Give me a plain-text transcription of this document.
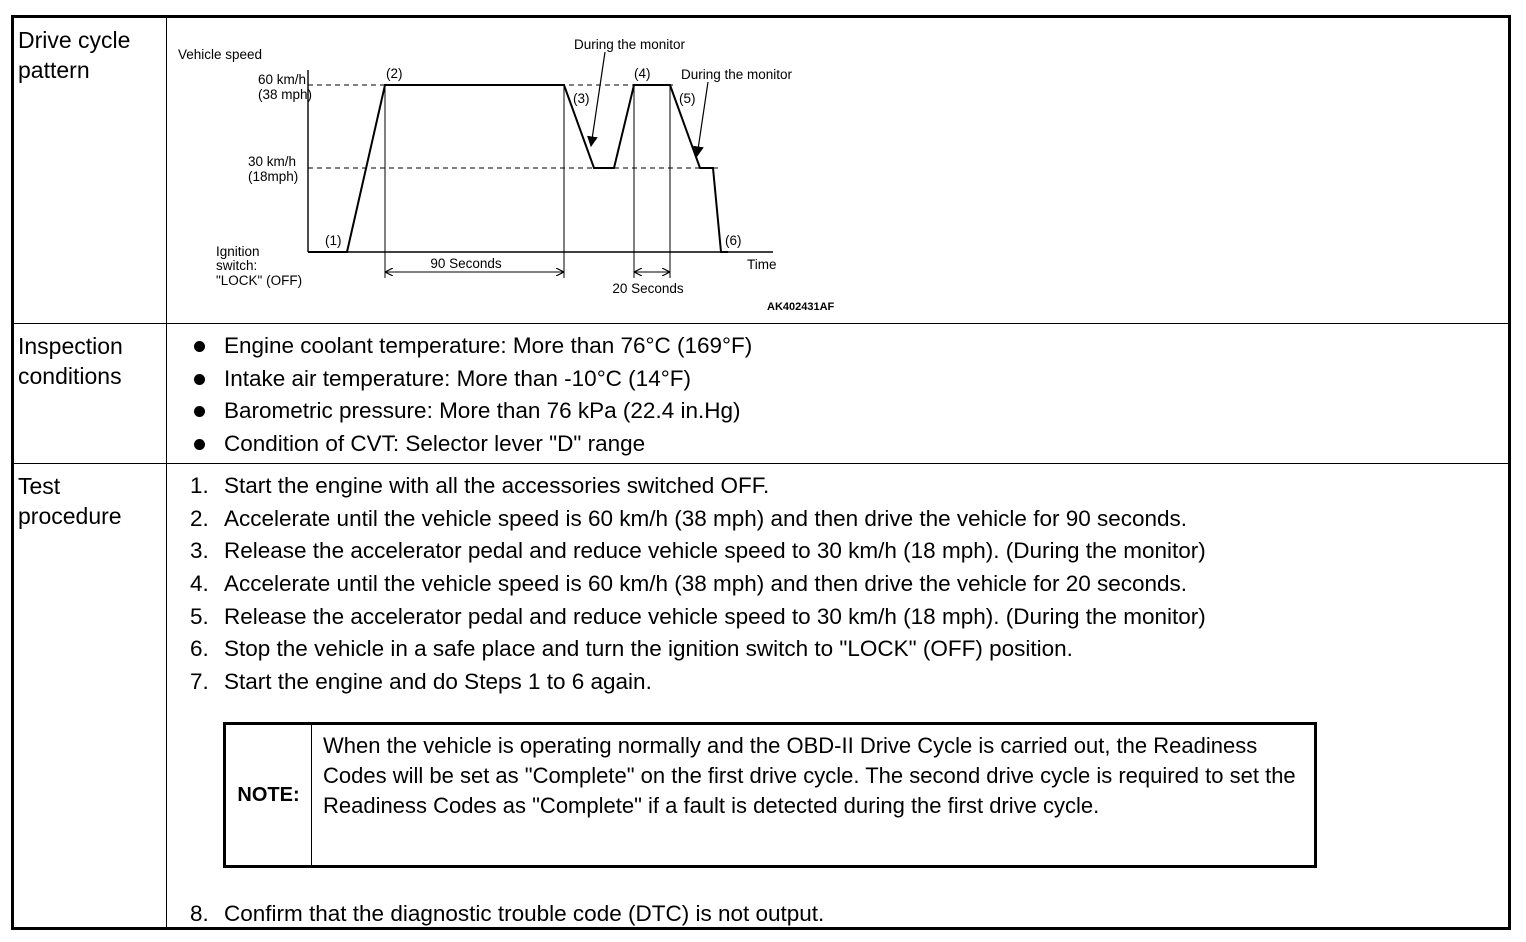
Drive cycle pattern
Vehicle speed
60 km/h
(38 mph)
30 km/h
(18mph)
Ignition
switch:
"LOCK" (OFF)
Time
During the monitor
During the monitor
(1)
(2)
(3)
(4)
(5)
(6)
90 Seconds
20 Seconds
AK402431AF
Inspection conditions
Engine coolant temperature: More than 76°C (169°F)
Intake air temperature: More than -10°C (14°F)
Barometric pressure: More than 76 kPa (22.4 in.Hg)
Condition of CVT: Selector lever "D" range
Test procedure
1. Start the engine with all the accessories switched OFF.
2. Accelerate until the vehicle speed is 60 km/h (38 mph) and then drive the vehicle for 90 seconds.
3. Release the accelerator pedal and reduce vehicle speed to 30 km/h (18 mph). (During the monitor)
4. Accelerate until the vehicle speed is 60 km/h (38 mph) and then drive the vehicle for 20 seconds.
5. Release the accelerator pedal and reduce vehicle speed to 30 km/h (18 mph). (During the monitor)
6. Stop the vehicle in a safe place and turn the ignition switch to "LOCK" (OFF) position.
7. Start the engine and do Steps 1 to 6 again.
NOTE:
When the vehicle is operating normally and the OBD-II Drive Cycle is carried out, the Readiness Codes will be set as "Complete" on the first drive cycle. The second drive cycle is required to set the Readiness Codes as "Complete" if a fault is detected during the first drive cycle.
8. Confirm that the diagnostic trouble code (DTC) is not output.
